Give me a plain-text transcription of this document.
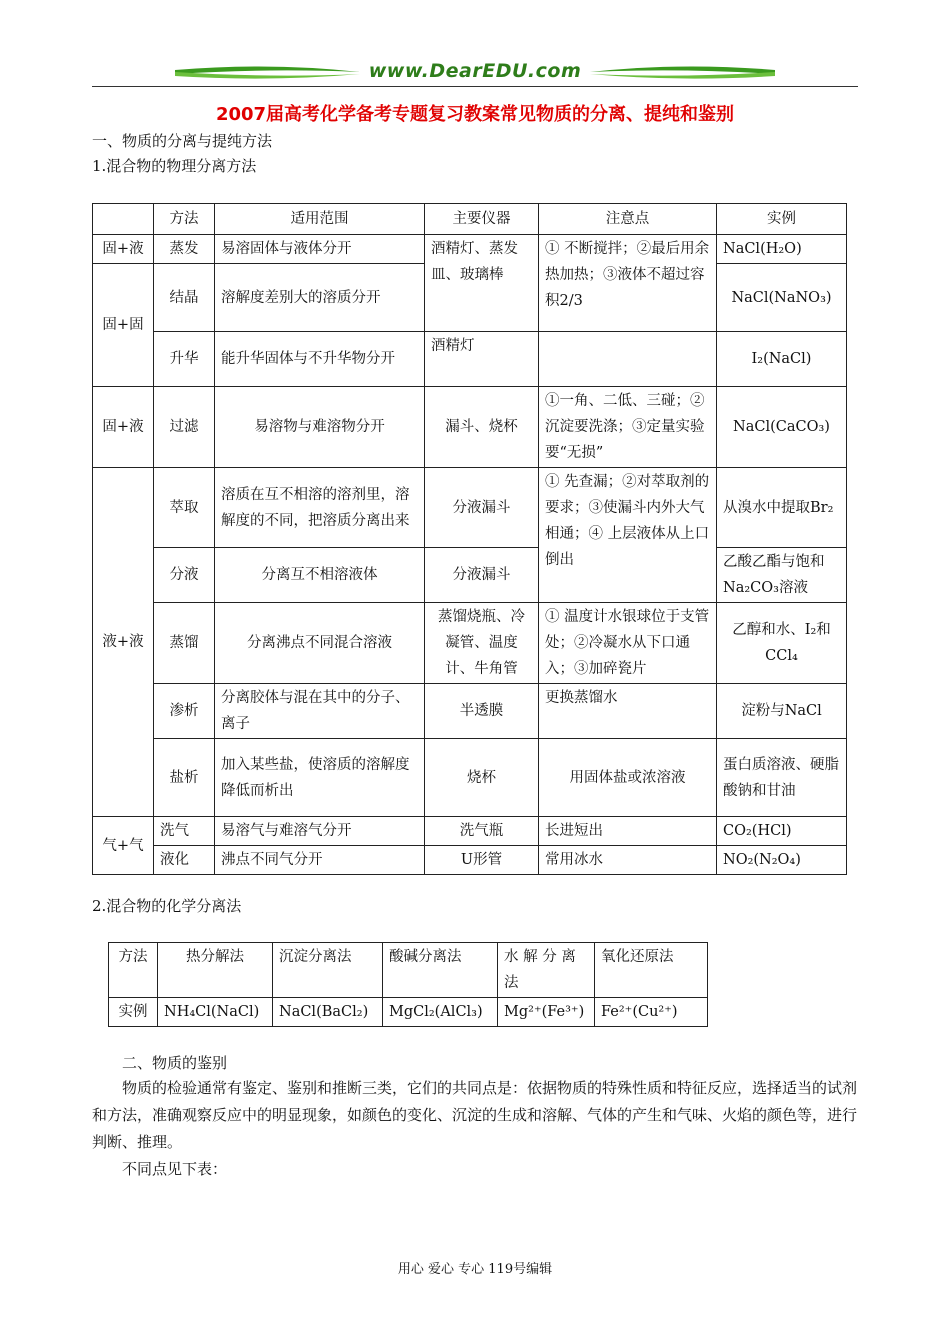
www.DearEDU.com
2007届高考化学备考专题复习教案常见物质的分离、提纯和鉴别
一、物质的分离与提纯方法
1.混合物的物理分离方法
	方法	适用范围	主要仪器	注意点	实例
固+液	蒸发	易溶固体与液体分开	酒精灯、蒸发皿、玻璃棒	① 不断搅拌；②最后用余热加热；③液体不超过容积2/3	NaCl(H₂O)
固+固	结晶	溶解度差别大的溶质分开			NaCl(NaNO₃)
	升华	能升华固体与不升华物分开	酒精灯		I₂(NaCl)
固+液	过滤	易溶物与难溶物分开	漏斗、烧杯	①一角、二低、三碰；②沉淀要洗涤；③定量实验要“无损”	NaCl(CaCO₃)
液+液	萃取	溶质在互不相溶的溶剂里，溶解度的不同，把溶质分离出来	分液漏斗	① 先查漏；②对萃取剂的要求；③使漏斗内外大气相通；④ 上层液体从上口倒出	从溴水中提取Br₂
	分液	分离互不相溶液体	分液漏斗		乙酸乙酯与饱和Na₂CO₃溶液
	蒸馏	分离沸点不同混合溶液	蒸馏烧瓶、冷凝管、温度计、牛角管	① 温度计水银球位于支管处；②冷凝水从下口通入；③加碎瓷片	乙醇和水、I₂和CCl₄
	渗析	分离胶体与混在其中的分子、离子	半透膜	更换蒸馏水	淀粉与NaCl
	盐析	加入某些盐，使溶质的溶解度降低而析出	烧杯	用固体盐或浓溶液	蛋白质溶液、硬脂酸钠和甘油
气+气	洗气	易溶气与难溶气分开	洗气瓶	长进短出	CO₂(HCl)
	液化	沸点不同气分开	U形管	常用冰水	NO₂(N₂O₄)
2.混合物的化学分离法
方法	热分解法	沉淀分离法	酸碱分离法	水 解 分 离 法	氧化还原法
实例	NH₄Cl(NaCl)	NaCl(BaCl₂)	MgCl₂(AlCl₃)	Mg²⁺(Fe³⁺)	Fe²⁺(Cu²⁺)
二、物质的鉴别
物质的检验通常有鉴定、鉴别和推断三类，它们的共同点是：依据物质的特殊性质和特征反应，选择适当的试剂和方法，准确观察反应中的明显现象，如颜色的变化、沉淀的生成和溶解、气体的产生和气味、火焰的颜色等，进行判断、推理。
不同点见下表：
用心 爱心 专心 119号编辑
